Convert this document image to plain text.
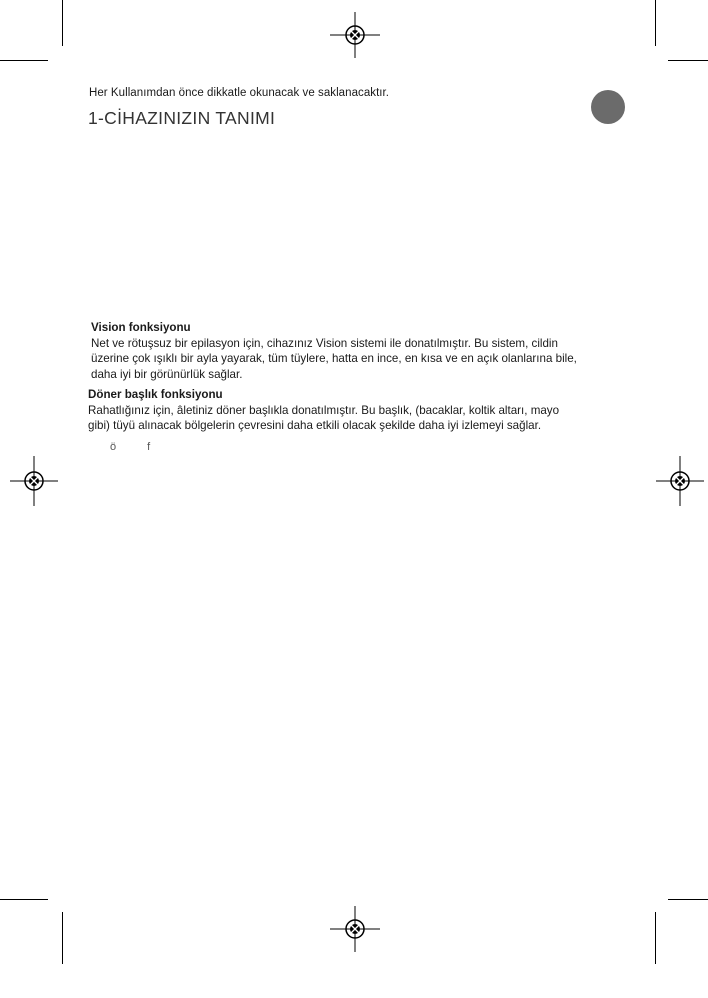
Her Kullanımdan önce dikkatle okunacak ve saklanacaktır.
1-CİHAZINIZIN TANIMI
Vision fonksiyonu

Net ve rötuşsuz bir epilasyon için, cihazınız Vision sistemi ile donatılmıştır. Bu sistem, cildin

üzerine çok ışıklı bir ayla yayarak, tüm tüylere, hatta en ince, en kısa ve en açık olanlarına bile,

daha iyi bir görünürlük sağlar.

Döner başlık fonksiyonu

Rahatlığınız için, âletiniz döner başlıkla donatılmıştır. Bu başlık, (bacaklar, koltik altarı, mayo

gibi) tüyü alınacak bölgelerin çevresini daha etkili olacak şekilde daha iyi izlemeyi sağlar.

ö f
